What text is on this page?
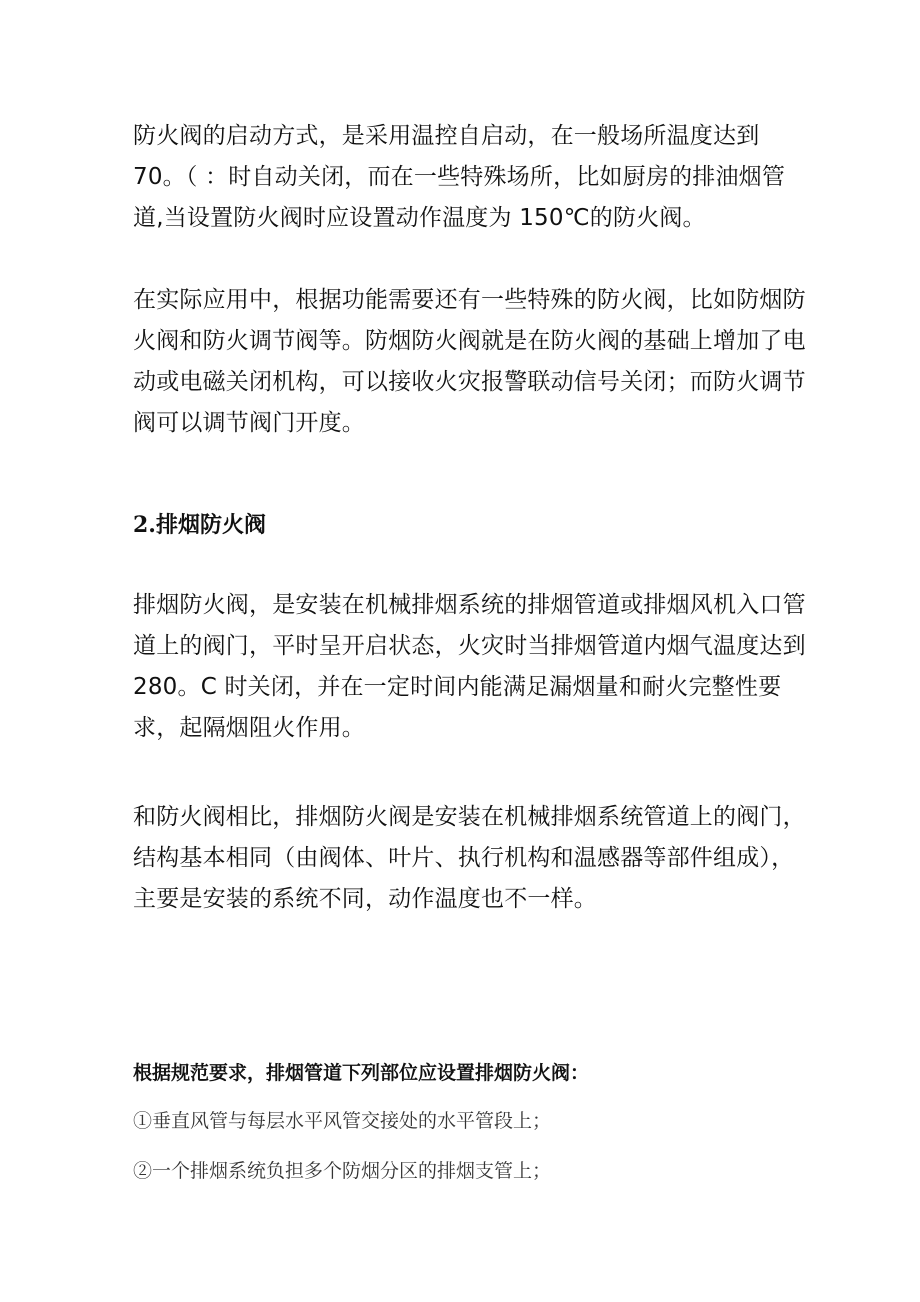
防火阀的启动方式，是采用温控自启动，在一般场所温度达到
70。（ ：时自动关闭，而在一些特殊场所，比如厨房的排油烟管
道,当设置防火阀时应设置动作温度为 150℃的防火阀。
在实际应用中，根据功能需要还有一些特殊的防火阀，比如防烟防
火阀和防火调节阀等。防烟防火阀就是在防火阀的基础上增加了电
动或电磁关闭机构，可以接收火灾报警联动信号关闭；而防火调节
阀可以调节阀门开度。
2.排烟防火阀
排烟防火阀，是安装在机械排烟系统的排烟管道或排烟风机入口管
道上的阀门，平时呈开启状态，火灾时当排烟管道内烟气温度达到
280。C 时关闭，并在一定时间内能满足漏烟量和耐火完整性要
求，起隔烟阻火作用。
和防火阀相比，排烟防火阀是安装在机械排烟系统管道上的阀门，
结构基本相同（由阀体、叶片、执行机构和温感器等部件组成），
主要是安装的系统不同，动作温度也不一样。
根据规范要求，排烟管道下列部位应设置排烟防火阀：
①垂直风管与每层水平风管交接处的水平管段上；
②一个排烟系统负担多个防烟分区的排烟支管上；
